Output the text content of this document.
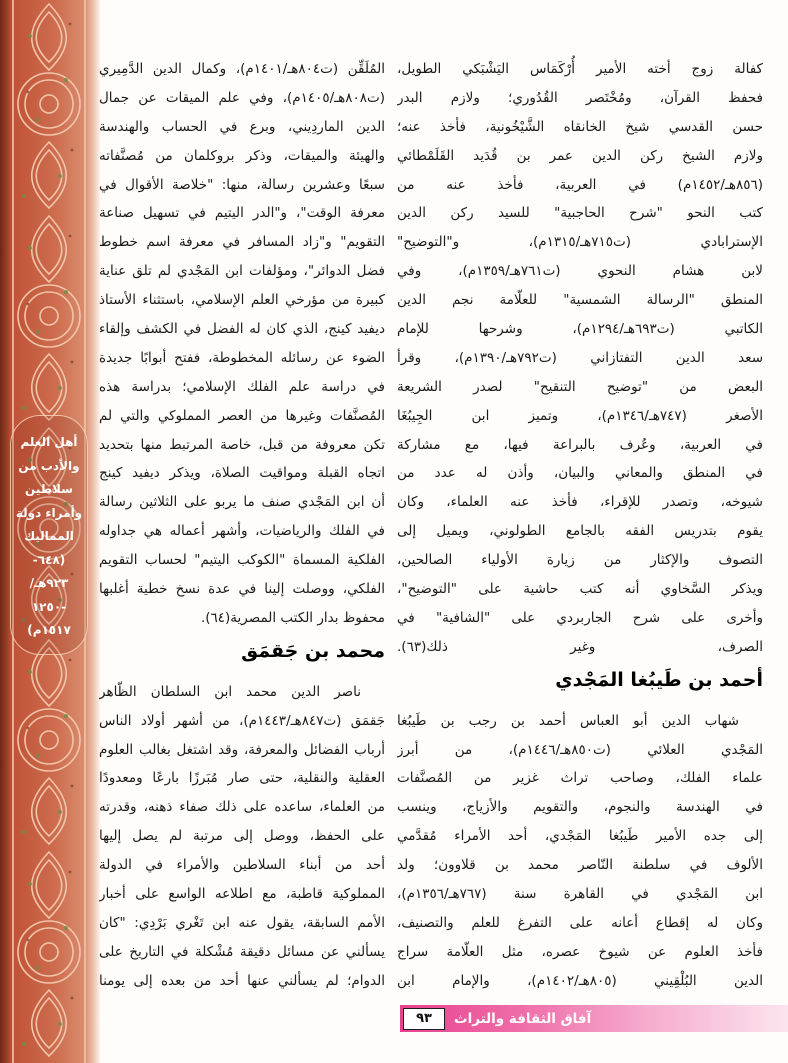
أهل العلم
والأدب من
سلاطين
وأمراء دولة
المماليك
(٦٤٨-
٩٢٣هـ/
-١٢٥٠
١٥١٧م)
كفالة زوج أخته الأمير أُرْكَمَاس اليَشْبَكي الطويل،
فحفظ القرآن، ومُخْتَصر القُدُوري؛ ولازم البدر
حسن القدسي شيخ الخانقاه الشَّيْخُونية، فأخذ عنه؛
ولازم الشيخ ركن الدين عمر بن قُدَيد القَلَمْطائي
(٨٥٦هـ/١٤٥٢م) في العربية، فأخذ عنه من
كتب النحو "شرح الحاجبية" للسيد ركن الدين
الإسترابادي (ت٧١٥هـ/١٣١٥م)، و"التوضيح"
لابن هشام النحوي (ت٧٦١هـ/١٣٥٩م)، وفي
المنطق "الرسالة الشمسية" للعلّامة نجم الدين
الكاتبي (ت٦٩٣هـ/١٢٩٤م)، وشرحها للإمام
سعد الدين التفتازاني (ت٧٩٢هـ/١٣٩٠م)، وقرأ
البعض من "توضيح التنقيح" لصدر الشريعة
الأصغر (٧٤٧هـ/١٣٤٦م)، وتميز ابن الجِيبُغَا
في العربية، وعُرف بالبراعة فيها، مع مشاركة
في المنطق والمعاني والبيان، وأذن له عدد من
شيوخه، وتصدر للإقراء، فأخذ عنه العلماء، وكان
يقوم بتدريس الفقه بالجامع الطولوني، ويميل إلى
التصوف والإكثار من زيارة الأولياء الصالحين،
ويذكر السَّخاوي أنه كتب حاشية على "التوضيح"،
وأخرى على شرح الجاربردي على "الشافية" في
الصرف، وغير ذلك(٦٣).
أحمد بن طَيبُغا المَجْدي
شهاب الدين أبو العباس أحمد بن رجب بن طَيبُغا
المَجْدي العلائي (ت٨٥٠هـ/١٤٤٦م)، من أبرز
علماء الفلك، وصاحب تراث غزير من المُصنَّفات
في الهندسة والنجوم، والتقويم والأزياج، وينسب
إلى جده الأمير طَيبُغا المَجْدي، أحد الأمراء مُقدَّمي
الألوف في سلطنة النّاصر محمد بن قلاوون؛ ولد
ابن المَجْدي في القاهرة سنة (٧٦٧هـ/١٣٥٦م)،
وكان له إقطاع أعانه على التفرغ للعلم والتصنيف،
فأخذ العلوم عن شيوخ عصره، مثل العلّامة سراج
الدين البُلْقِيني (٨٠٥هـ/١٤٠٢م)، والإمام ابن
المُلَقِّن (ت٨٠٤هـ/١٤٠١م)، وكمال الدين الدَّمِيري
(ت٨٠٨هـ/١٤٠٥م)، وفي علم الميقات عن جمال
الدين الماردِيني، وبرع في الحساب والهندسة
والهيئة والميقات، وذكر بروكلمان من مُصنَّفاته
سبعًا وعشرين رسالة، منها: "خلاصة الأقوال في
معرفة الوقت"، و"الدر اليتيم في تسهيل صناعة
التقويم" و"زاد المسافر في معرفة اسم خطوط
فضل الدوائر"، ومؤلفات ابن المَجْدي لم تلق عناية
كبيرة من مؤرخي العلم الإسلامي، باستثناء الأستاذ
ديفيد كينج، الذي كان له الفضل في الكشف وإلقاء
الضوء عن رسائله المخطوطة، ففتح أبوابًا جديدة
في دراسة علم الفلك الإسلامي؛ بدراسة هذه
المُصنَّفات وغيرها من العصر المملوكي والتي لم
تكن معروفة من قبل، خاصة المرتبط منها بتحديد
اتجاه القبلة ومواقيت الصلاة، ويذكر ديفيد كينج
أن ابن المَجْدي صنف ما يربو على الثلاثين رسالة
في الفلك والرياضيات، وأشهر أعماله هي جداوله
الفلكية المسماة "الكوكب اليتيم" لحساب التقويم
الفلكي، ووصلت إلينا في عدة نسخ خطية أغلبها
محفوظ بدار الكتب المصرية(٦٤).
محمد بن جَقمَق
ناصر الدين محمد ابن السلطان الظّاهر
جَقمَق (ت٨٤٧هـ/١٤٤٣م)، من أشهر أولاد الناس
أرباب الفضائل والمعرفة، وقد اشتغل بغالب العلوم
العقلية والنقلية، حتى صار مُبَرزًا بارعًا ومعدودًا
من العلماء، ساعده على ذلك صفاء ذهنه، وقدرته
على الحفظ، ووصل إلى مرتبة لم يصل إليها
أحد من أبناء السلاطين والأمراء في الدولة
المملوكية قاطبة، مع اطلاعه الواسع على أخبار
الأمم السابقة، يقول عنه ابن تَغْري بَرْدِي: "كان
يسألني عن مسائل دقيقة مُشْكلة في التاريخ على
الدوام؛ لم يسألني عنها أحد من بعده إلى يومنا
٩٣	آفاق الثقافة والتراث
